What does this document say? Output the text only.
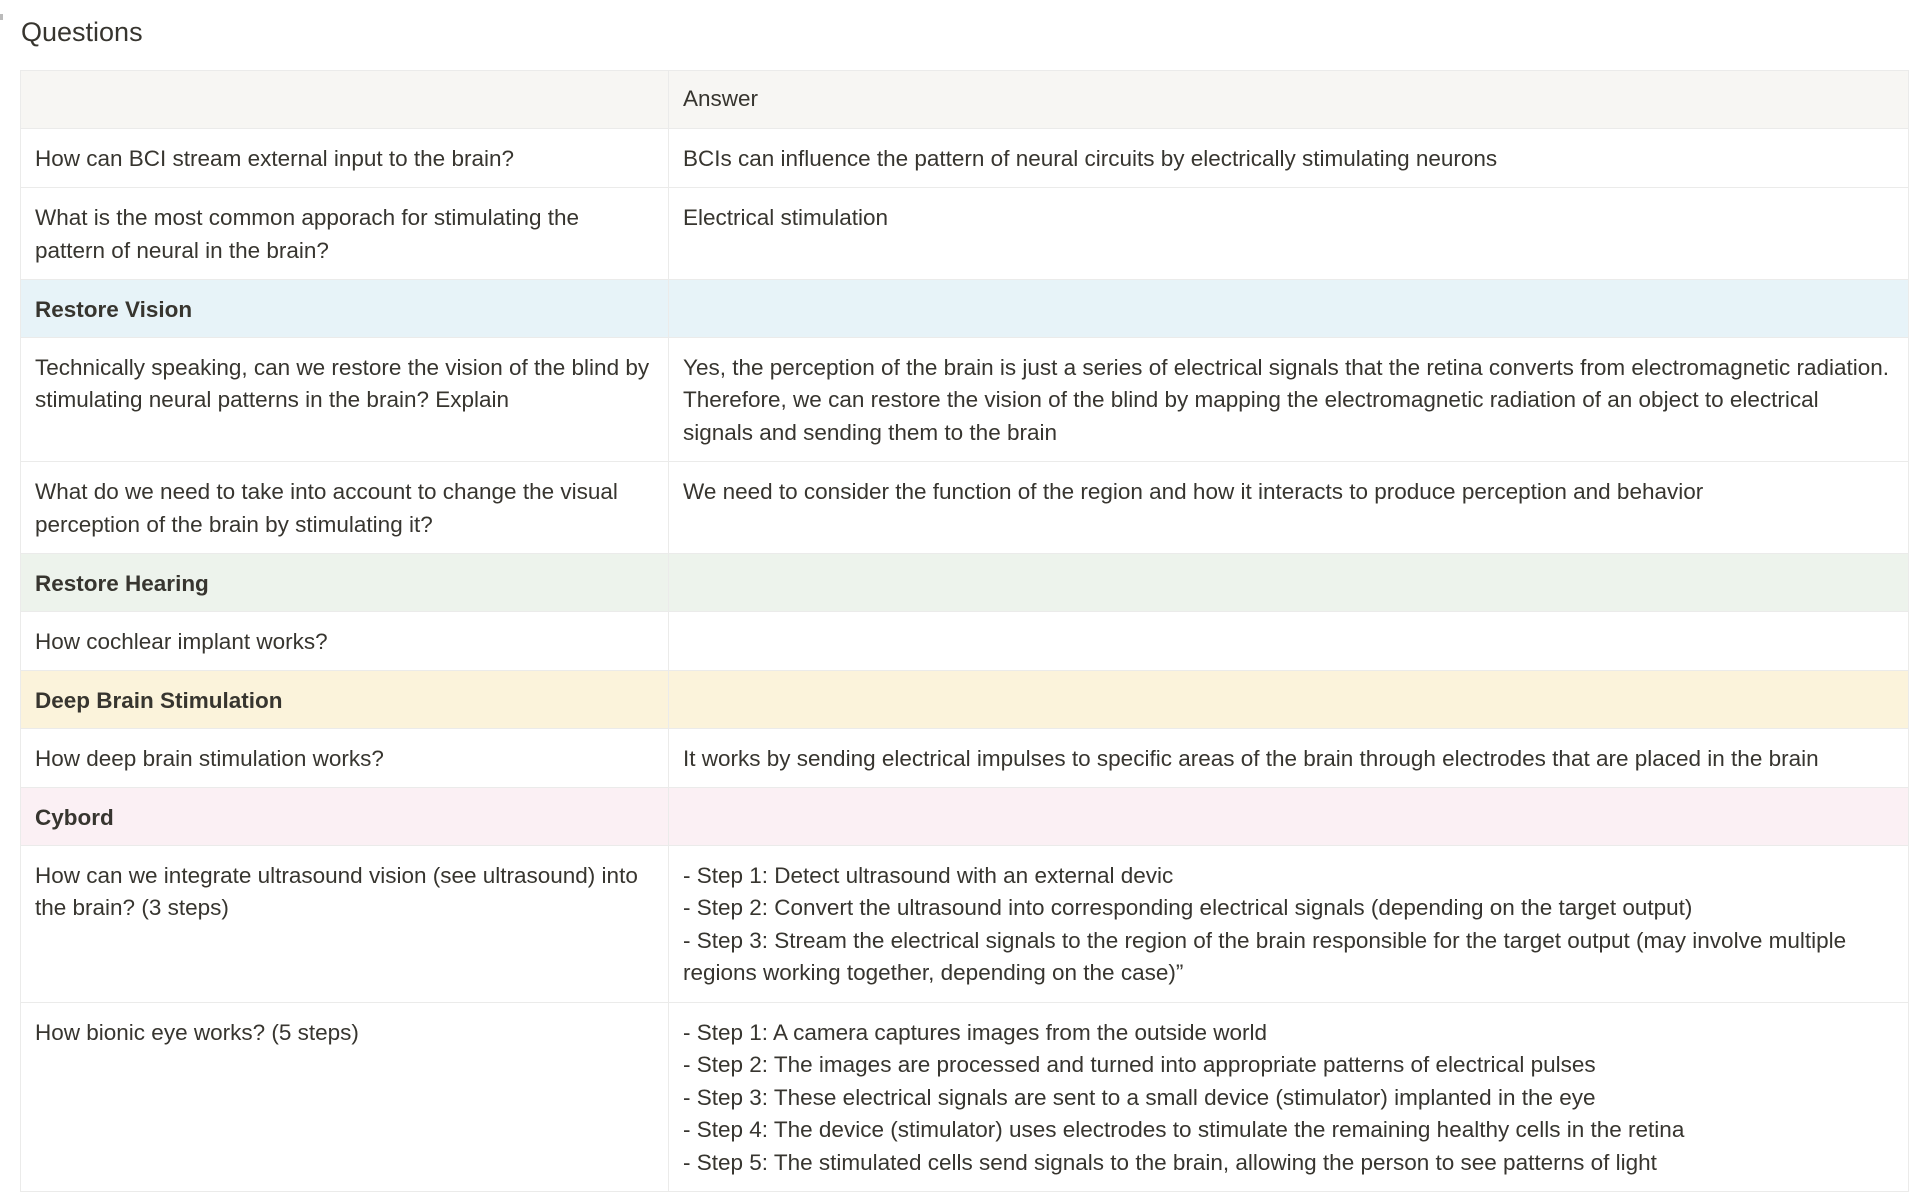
Questions
	Answer
How can BCI stream external input to the brain?	BCIs can influence the pattern of neural circuits by electrically stimulating neurons
What is the most common apporach for stimulating the pattern of neural in the brain?	Electrical stimulation
Restore Vision	
Technically speaking, can we restore the vision of the blind by stimulating neural patterns in the brain? Explain	Yes, the perception of the brain is just a series of electrical signals that the retina converts from electromagnetic radiation. Therefore, we can restore the vision of the blind by mapping the electromagnetic radiation of an object to electrical signals and sending them to the brain
What do we need to take into account to change the visual perception of the brain by stimulating it?	We need to consider the function of the region and how it interacts to produce perception and behavior
Restore Hearing	
How cochlear implant works?	
Deep Brain Stimulation	
How deep brain stimulation works?	It works by sending electrical impulses to specific areas of the brain through electrodes that are placed in the brain
Cybord	
How can we integrate ultrasound vision (see ultrasound) into the brain? (3 steps)	- Step 1: Detect ultrasound with an external devic
- Step 2: Convert the ultrasound into corresponding electrical signals (depending on the target output)
- Step 3: Stream the electrical signals to the region of the brain responsible for the target output (may involve multiple regions working together, depending on the case)”
How bionic eye works? (5 steps)	- Step 1: A camera captures images from the outside world
- Step 2: The images are processed and turned into appropriate patterns of electrical pulses
- Step 3: These electrical signals are sent to a small device (stimulator) implanted in the eye
- Step 4: The device (stimulator) uses electrodes to stimulate the remaining healthy cells in the retina
- Step 5: The stimulated cells send signals to the brain, allowing the person to see patterns of light
